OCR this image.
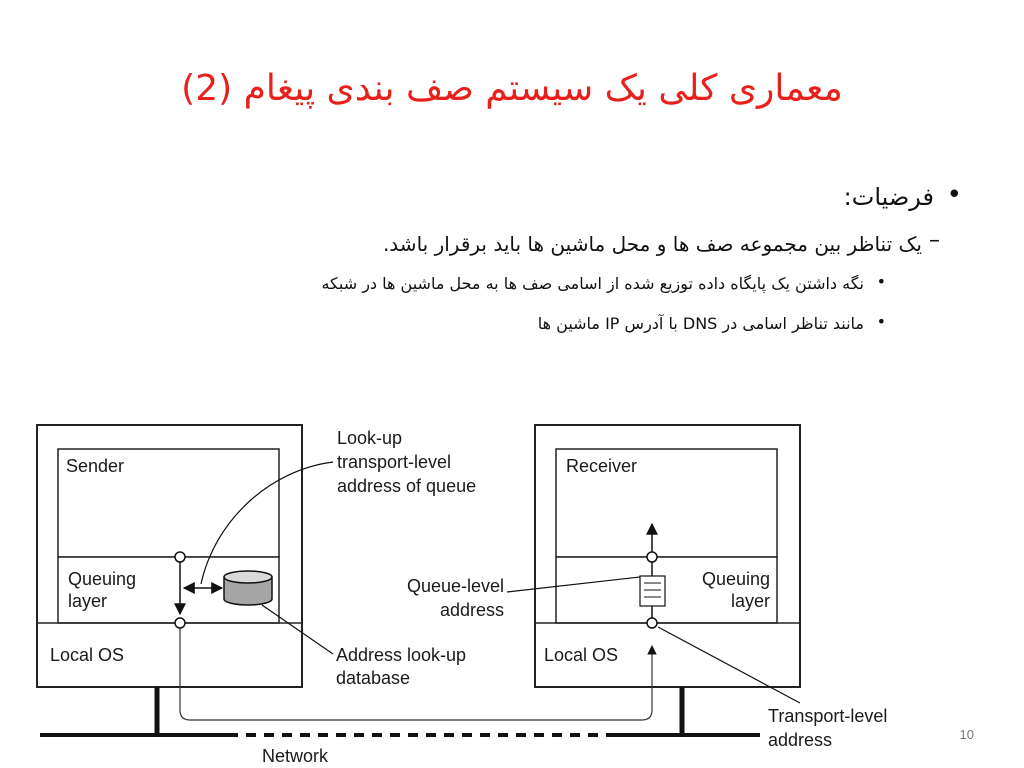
معماری کلی یک سیستم صف بندی پیغام (2)
•
فرضیات:
–
یک تناظر بین مجموعه صف ها و محل ماشین ها باید برقرار باشد.
•
نگه داشتن یک پایگاه داده توزیع شده از اسامی صف ها به محل ماشین ها در شبکه
•
مانند تناظر اسامی در DNS با آدرس IP ماشین ها
Sender
Queuing
layer
Local OS
Receiver
Queuing
layer
Local OS
Network
Look-up
transport-level
address of queue
Queue-level
address
Address look-up
database
Transport-level
address	10
